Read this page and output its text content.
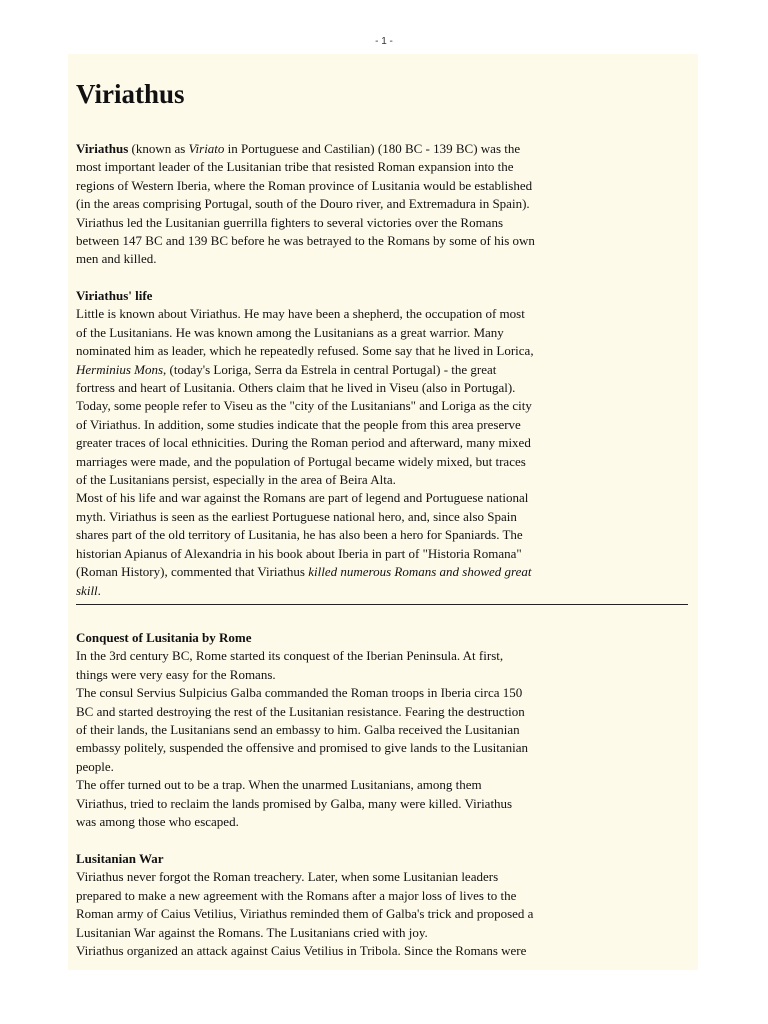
- 1 -
Viriathus
Viriathus (known as Viriato in Portuguese and Castilian) (180 BC - 139 BC) was the
most important leader of the Lusitanian tribe that resisted Roman expansion into the
regions of Western Iberia, where the Roman province of Lusitania would be established
(in the areas comprising Portugal, south of the Douro river, and Extremadura in Spain).
Viriathus led the Lusitanian guerrilla fighters to several victories over the Romans
between 147 BC and 139 BC before he was betrayed to the Romans by some of his own
men and killed.
Viriathus' life
Little is known about Viriathus. He may have been a shepherd, the occupation of most
of the Lusitanians. He was known among the Lusitanians as a great warrior. Many
nominated him as leader, which he repeatedly refused. Some say that he lived in Lorica,
Herminius Mons, (today's Loriga, Serra da Estrela in central Portugal) - the great
fortress and heart of Lusitania. Others claim that he lived in Viseu (also in Portugal).
Today, some people refer to Viseu as the "city of the Lusitanians" and Loriga as the city
of Viriathus. In addition, some studies indicate that the people from this area preserve
greater traces of local ethnicities. During the Roman period and afterward, many mixed
marriages were made, and the population of Portugal became widely mixed, but traces
of the Lusitanians persist, especially in the area of Beira Alta.
Most of his life and war against the Romans are part of legend and Portuguese national
myth. Viriathus is seen as the earliest Portuguese national hero, and, since also Spain
shares part of the old territory of Lusitania, he has also been a hero for Spaniards. The
historian Apianus of Alexandria in his book about Iberia in part of "Historia Romana"
(Roman History), commented that Viriathus killed numerous Romans and showed great
skill.
Conquest of Lusitania by Rome
In the 3rd century BC, Rome started its conquest of the Iberian Peninsula. At first,
things were very easy for the Romans.
The consul Servius Sulpicius Galba commanded the Roman troops in Iberia circa 150
BC and started destroying the rest of the Lusitanian resistance. Fearing the destruction
of their lands, the Lusitanians send an embassy to him. Galba received the Lusitanian
embassy politely, suspended the offensive and promised to give lands to the Lusitanian
people.
The offer turned out to be a trap. When the unarmed Lusitanians, among them
Viriathus, tried to reclaim the lands promised by Galba, many were killed. Viriathus
was among those who escaped.
Lusitanian War
Viriathus never forgot the Roman treachery. Later, when some Lusitanian leaders
prepared to make a new agreement with the Romans after a major loss of lives to the
Roman army of Caius Vetilius, Viriathus reminded them of Galba's trick and proposed a
Lusitanian War against the Romans. The Lusitanians cried with joy.
Viriathus organized an attack against Caius Vetilius in Tribola. Since the Romans were
